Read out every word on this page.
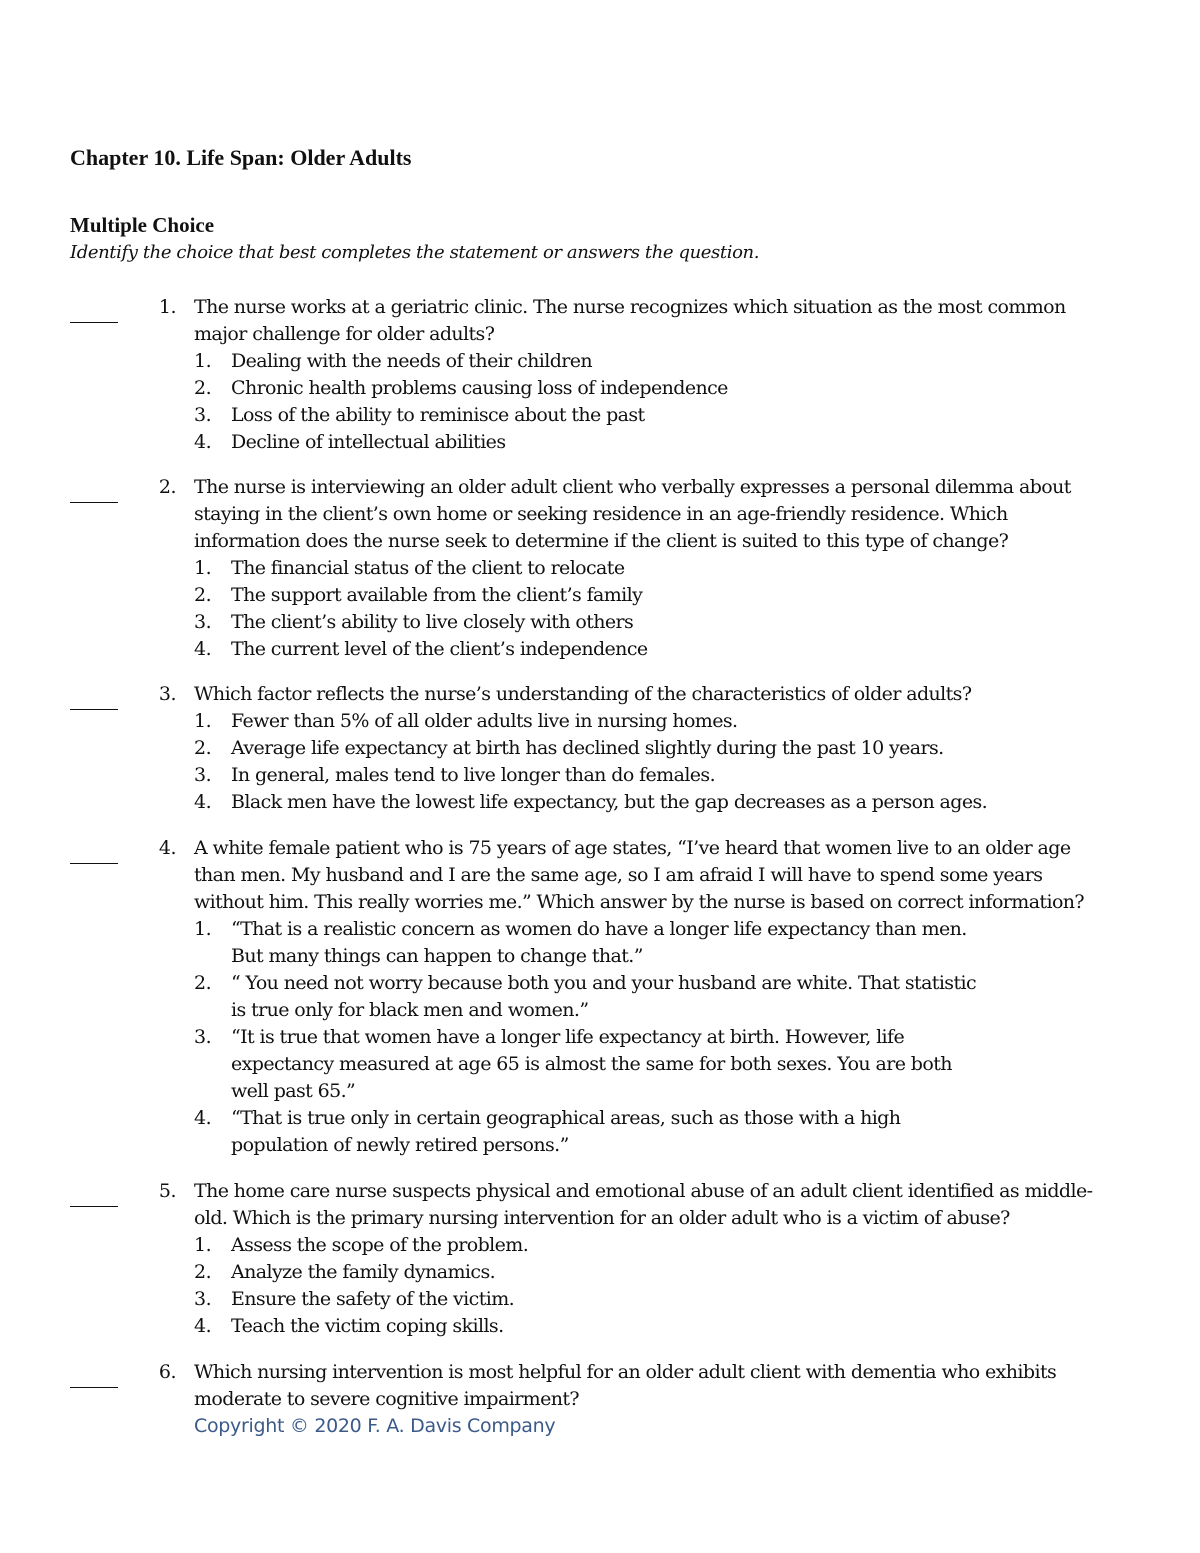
Chapter 10. Life Span: Older Adults
Multiple Choice
Identify the choice that best completes the statement or answers the question.
1. The nurse works at a geriatric clinic. The nurse recognizes which situation as the most common
major challenge for older adults?
1. Dealing with the needs of their children
2. Chronic health problems causing loss of independence
3. Loss of the ability to reminisce about the past
4. Decline of intellectual abilities
2. The nurse is interviewing an older adult client who verbally expresses a personal dilemma about
staying in the client’s own home or seeking residence in an age-friendly residence. Which
information does the nurse seek to determine if the client is suited to this type of change?
1. The financial status of the client to relocate
2. The support available from the client’s family
3. The client’s ability to live closely with others
4. The current level of the client’s independence
3. Which factor reflects the nurse’s understanding of the characteristics of older adults?
1. Fewer than 5% of all older adults live in nursing homes.
2. Average life expectancy at birth has declined slightly during the past 10 years.
3. In general, males tend to live longer than do females.
4. Black men have the lowest life expectancy, but the gap decreases as a person ages.
4. A white female patient who is 75 years of age states, “I’ve heard that women live to an older age
than men. My husband and I are the same age, so I am afraid I will have to spend some years
without him. This really worries me.” Which answer by the nurse is based on correct information?
1. “That is a realistic concern as women do have a longer life expectancy than men.
But many things can happen to change that.”
2. “ You need not worry because both you and your husband are white. That statistic
is true only for black men and women.”
3. “It is true that women have a longer life expectancy at birth. However, life
expectancy measured at age 65 is almost the same for both sexes. You are both
well past 65.”
4. “That is true only in certain geographical areas, such as those with a high
population of newly retired persons.”
5. The home care nurse suspects physical and emotional abuse of an adult client identified as middle-
old. Which is the primary nursing intervention for an older adult who is a victim of abuse?
1. Assess the scope of the problem.
2. Analyze the family dynamics.
3. Ensure the safety of the victim.
4. Teach the victim coping skills.
6. Which nursing intervention is most helpful for an older adult client with dementia who exhibits
moderate to severe cognitive impairment?
Copyright © 2020 F. A. Davis Company
